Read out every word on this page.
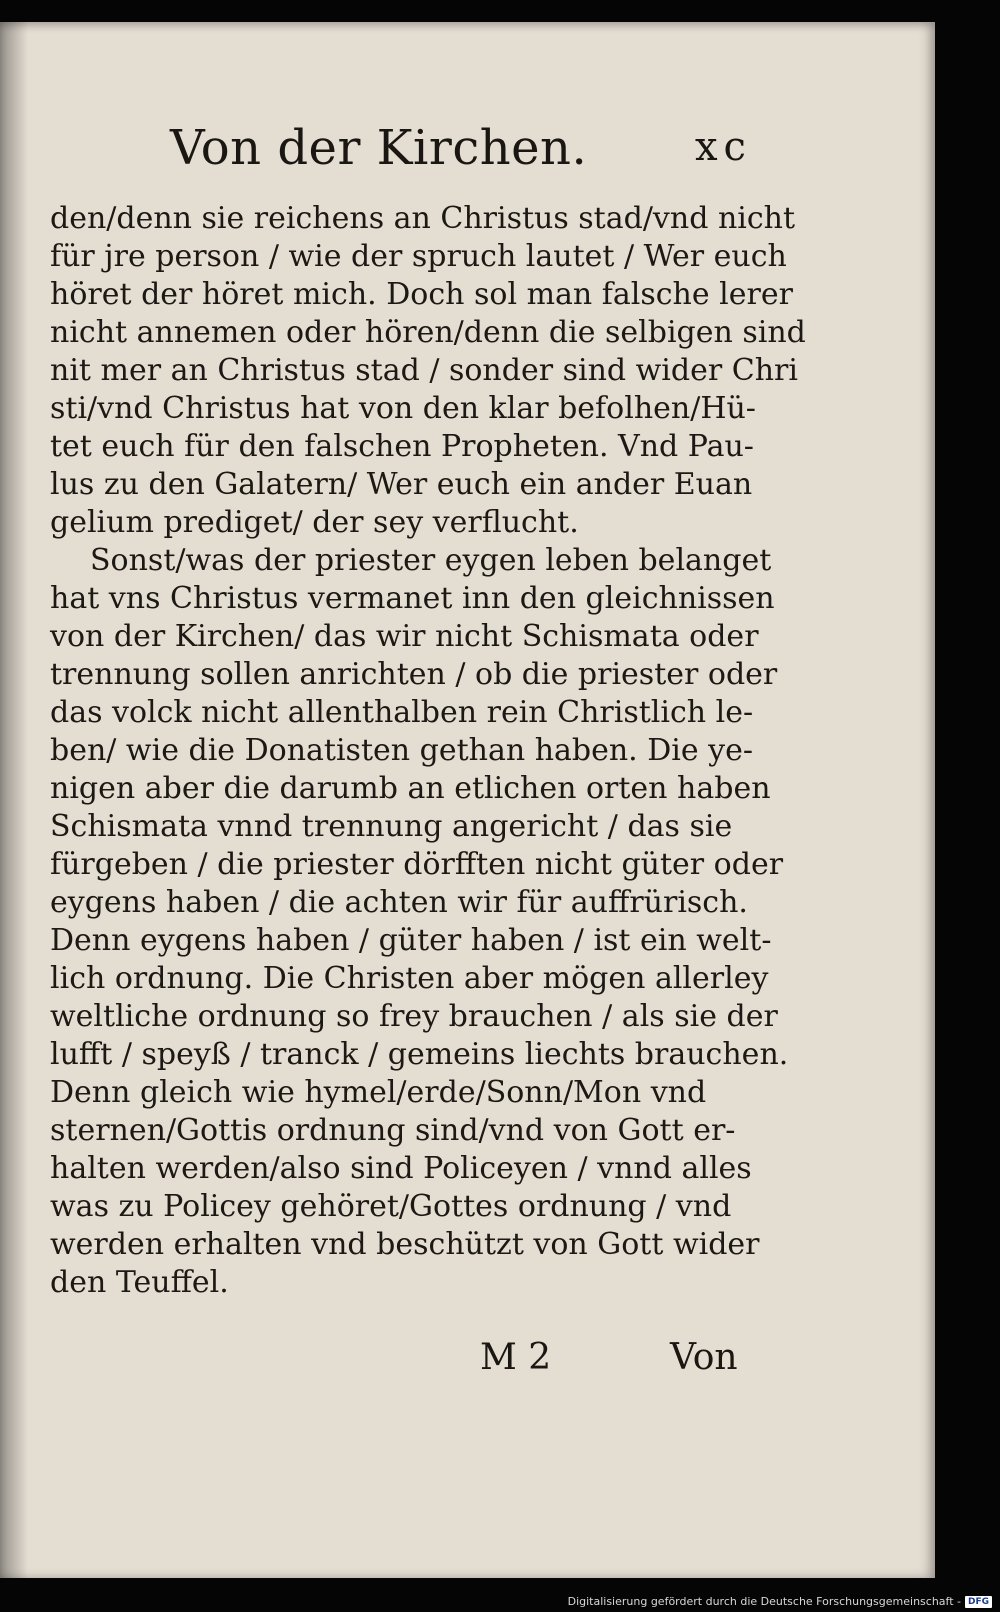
Von der Kirchen.	xc
den/denn sie reichens an Christus stad/vnd nicht
für jre person / wie der spruch lautet / Wer euch
höret der höret mich. Doch sol man falsche lerer
nicht annemen oder hören/denn die selbigen sind
nit mer an Christus stad / sonder sind wider Chri
sti/vnd Christus hat von den klar befolhen/Hü-
tet euch für den falschen Propheten. Vnd Pau-
lus zu den Galatern/ Wer euch ein ander Euan
gelium prediget/ der sey verflucht.
Sonst/was der priester eygen leben belanget
hat vns Christus vermanet inn den gleichnissen
von der Kirchen/ das wir nicht Schismata oder
trennung sollen anrichten / ob die priester oder
das volck nicht allenthalben rein Christlich le-
ben/ wie die Donatisten gethan haben. Die ye-
nigen aber die darumb an etlichen orten haben
Schismata vnnd trennung angericht / das sie
fürgeben / die priester dörfften nicht güter oder
eygens haben / die achten wir für auffrürisch.
Denn eygens haben / güter haben / ist ein welt-
lich ordnung. Die Christen aber mögen allerley
weltliche ordnung so frey brauchen / als sie der
lufft / speyß / tranck / gemeins liechts brauchen.
Denn gleich wie hymel/erde/Sonn/Mon vnd
sternen/Gottis ordnung sind/vnd von Gott er-
halten werden/also sind Policeyen / vnnd alles
was zu Policey gehöret/Gottes ordnung / vnd
werden erhalten vnd beschützt von Gott wider
den Teuffel.
M 2	Von
Digitalisierung gefördert durch die Deutsche Forschungsgemeinschaft - DFG
